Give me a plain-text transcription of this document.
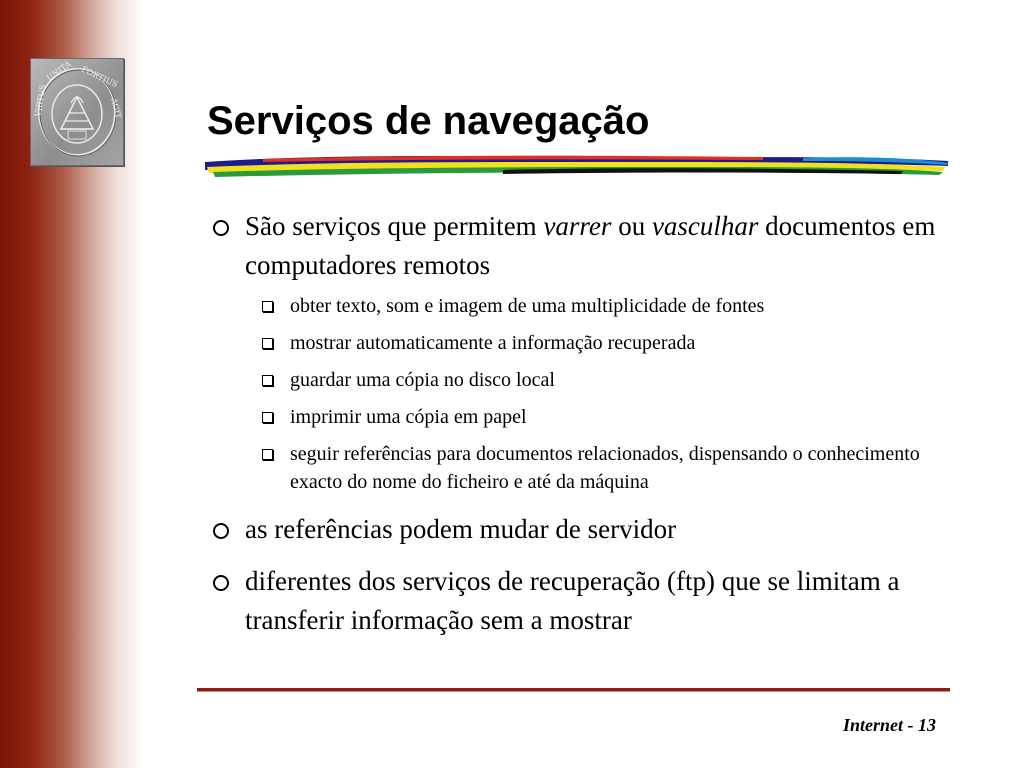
VIRTUS
UNITA FORTIUS
AGIT Serviços de navegação
São serviços que permitem varrer ou vasculhar documentos em computadores remotos
obter texto, som e imagem de uma multiplicidade de fontes
mostrar automaticamente a informação recuperada
guardar uma cópia no disco local
imprimir uma cópia em papel
seguir referências para documentos relacionados, dispensando o conhecimento exacto do nome do ficheiro e até da máquina
as referências podem mudar de servidor
diferentes dos serviços de recuperação (ftp) que se limitam a transferir informação sem a mostrar
Internet - 13
